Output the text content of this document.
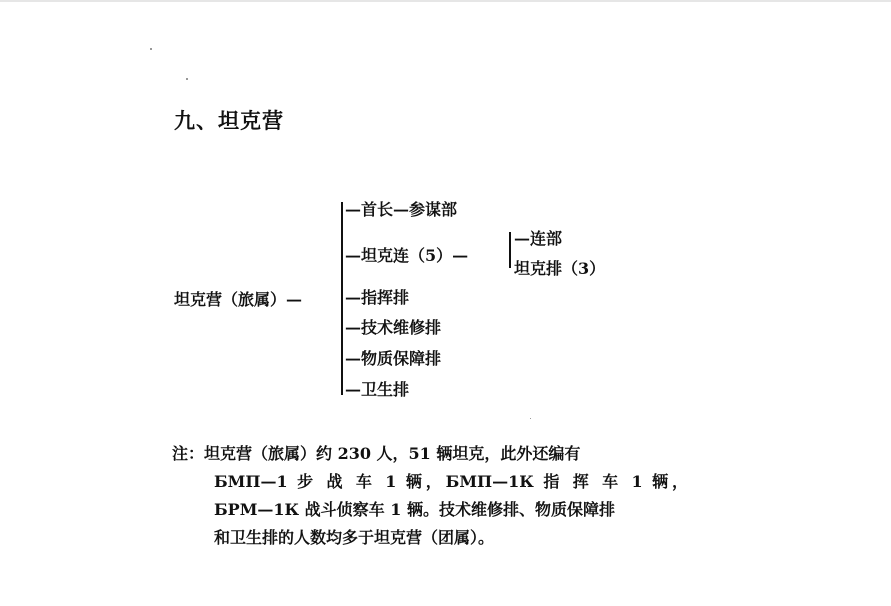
九、坦克营
坦克营（旅属）—
—首长—参谋部
—坦克连（5）—
—指挥排
—技术维修排
—物质保障排
—卫生排
—连部
坦克排（3）
注：坦克营（旅属）约 230 人，51 辆坦克，此外还编有
БМП—1 步 战 车 1 辆，БМП—1К 指 挥 车 1 辆，
БРМ—1К 战斗侦察车 1 辆。技术维修排、物质保障排
和卫生排的人数均多于坦克营（团属）。
